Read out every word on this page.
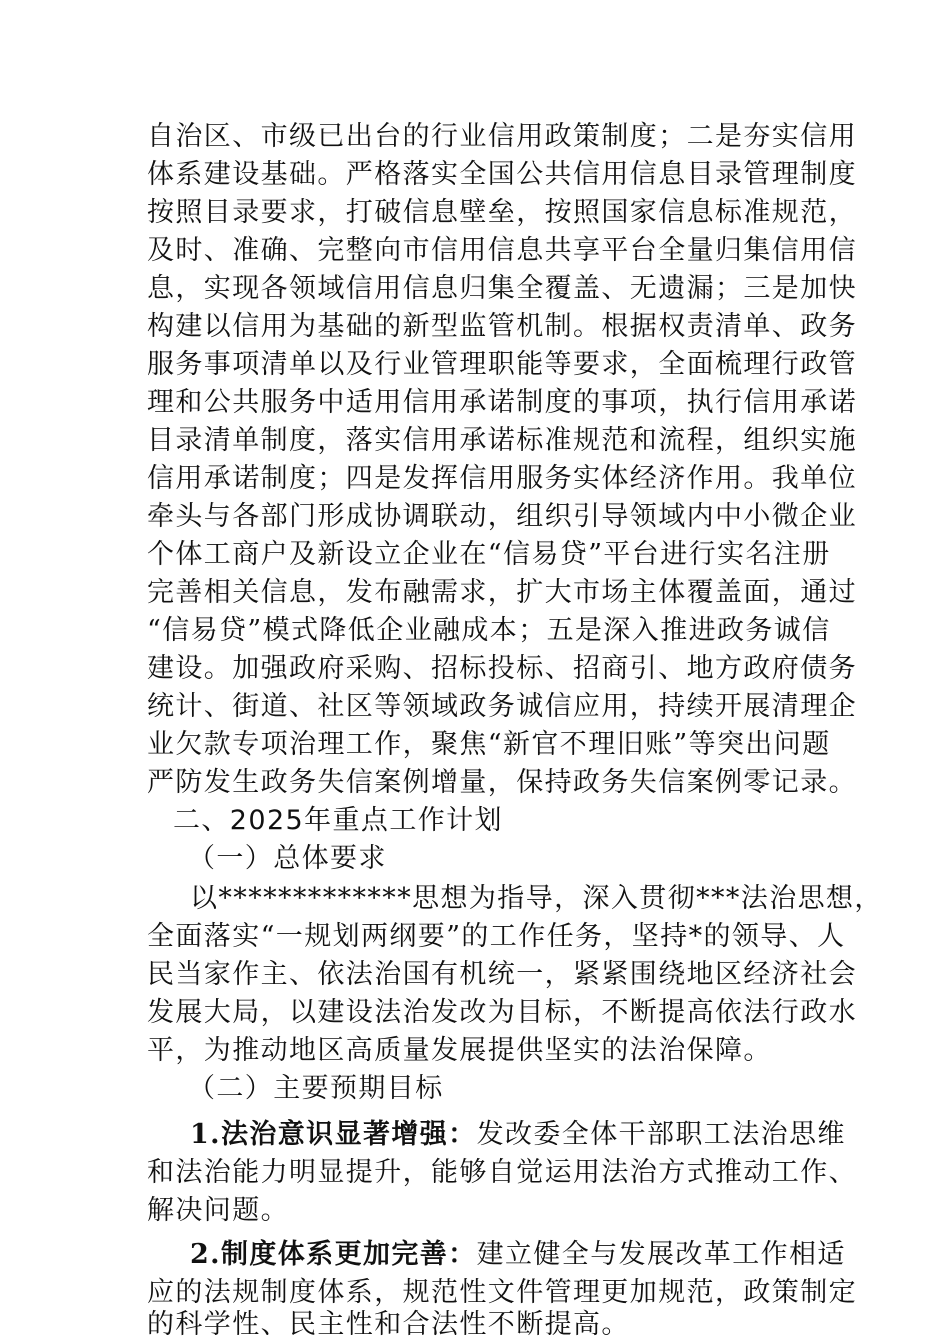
自治区、市级已出台的行业信用政策制度；二是夯实信用
体系建设基础。严格落实全国公共信用信息目录管理制度
按照目录要求，打破信息壁垒，按照国家信息标准规范，
及时、准确、完整向市信用信息共享平台全量归集信用信
息，实现各领域信用信息归集全覆盖、无遗漏；三是加快
构建以信用为基础的新型监管机制。根据权责清单、政务
服务事项清单以及行业管理职能等要求，全面梳理行政管
理和公共服务中适用信用承诺制度的事项，执行信用承诺
目录清单制度，落实信用承诺标准规范和流程，组织实施
信用承诺制度；四是发挥信用服务实体经济作用。我单位
牵头与各部门形成协调联动，组织引导领域内中小微企业
个体工商户及新设立企业在“信易贷”平台进行实名注册
完善相关信息，发布融需求，扩大市场主体覆盖面，通过
“信易贷”模式降低企业融成本；五是深入推进政务诚信
建设。加强政府采购、招标投标、招商引、地方政府债务
统计、街道、社区等领域政务诚信应用，持续开展清理企
业欠款专项治理工作，聚焦“新官不理旧账”等突出问题
严防发生政务失信案例增量，保持政务失信案例零记录。
二、2025年重点工作计划
（一）总体要求
以*************思想为指导，深入贯彻***法治思想，
全面落实“一规划两纲要”的工作任务，坚持*的领导、人
民当家作主、依法治国有机统一，紧紧围绕地区经济社会
发展大局，以建设法治发改为目标，不断提高依法行政水
平，为推动地区高质量发展提供坚实的法治保障。
（二）主要预期目标
1.法治意识显著增强：发改委全体干部职工法治思维
和法治能力明显提升，能够自觉运用法治方式推动工作、
解决问题。
2.制度体系更加完善：建立健全与发展改革工作相适
应的法规制度体系，规范性文件管理更加规范，政策制定
的科学性、民主性和合法性不断提高。
